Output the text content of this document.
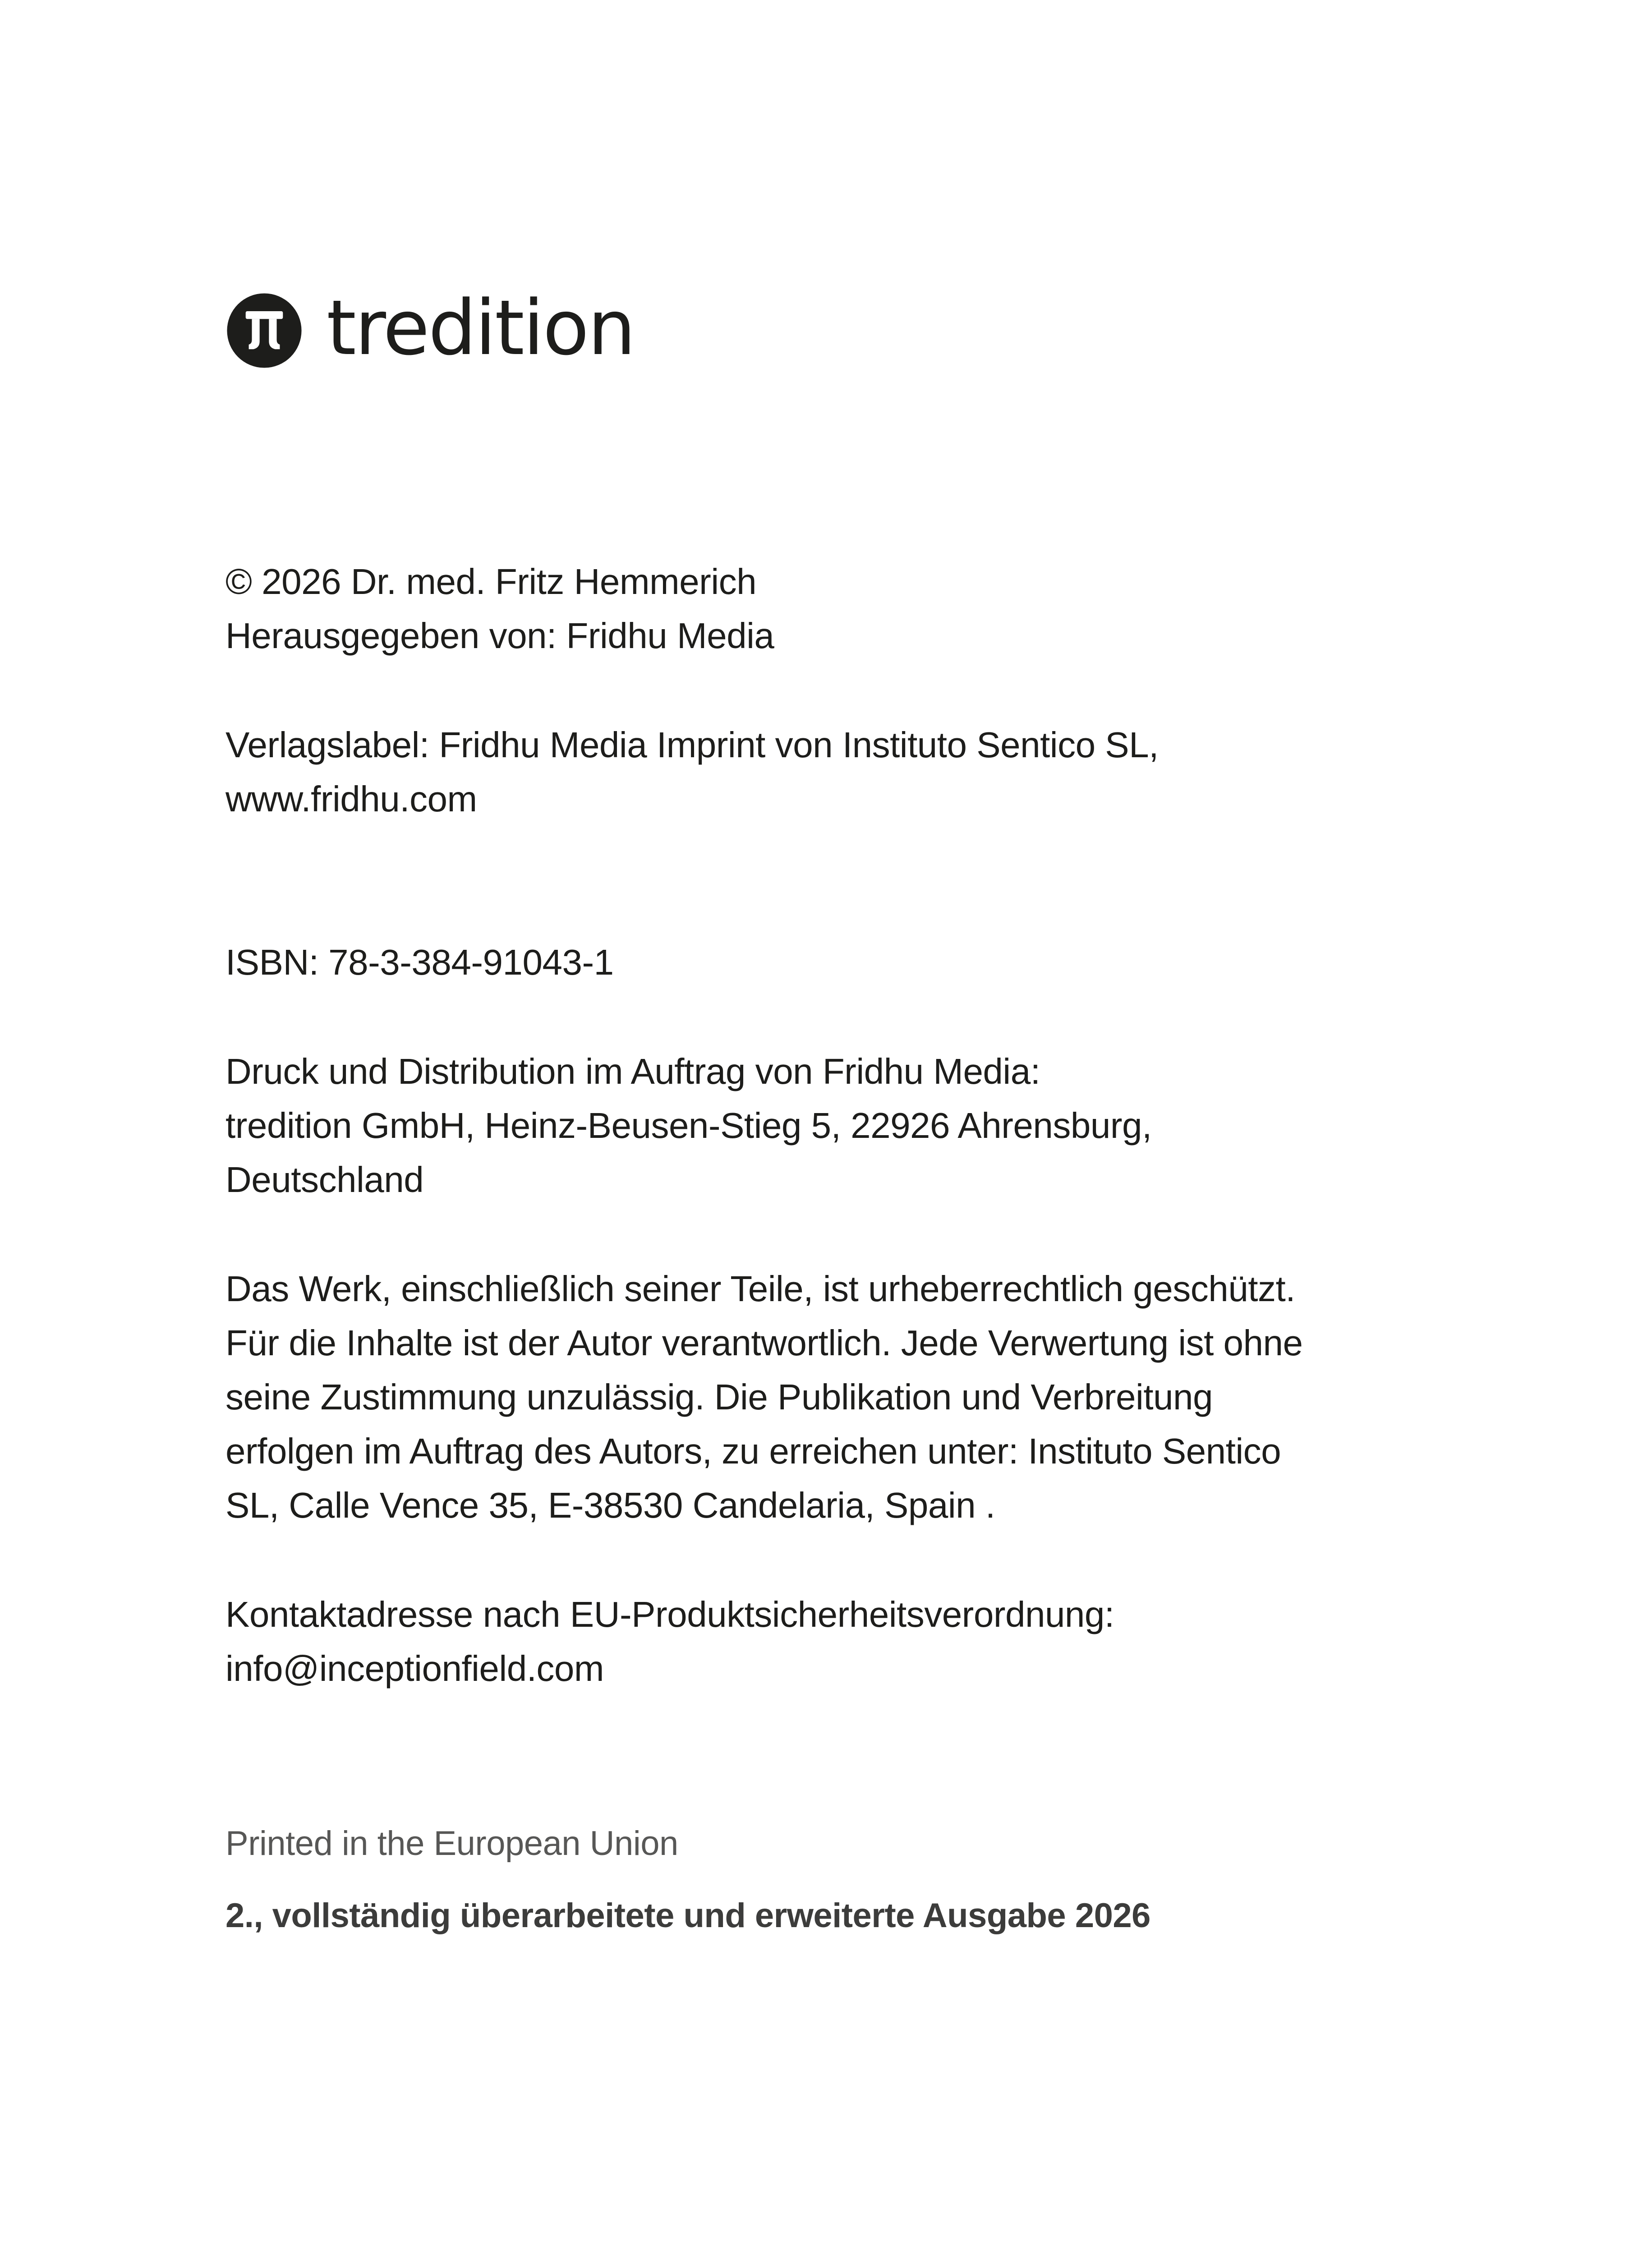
tredition

© 2026 Dr. med. Fritz Hemmerich

Herausgegeben von: Fridhu Media

Verlagslabel: Fridhu Media Imprint von Instituto Sentico SL,

www.fridhu.com

ISBN: 78-3-384-91043-1

Druck und Distribution im Auftrag von Fridhu Media:

tredition GmbH, Heinz-Beusen-Stieg 5, 22926 Ahrensburg,

Deutschland

Das Werk, einschließlich seiner Teile, ist urheberrechtlich geschützt.

Für die Inhalte ist der Autor verantwortlich. Jede Verwertung ist ohne

seine Zustimmung unzulässig. Die Publikation und Verbreitung

erfolgen im Auftrag des Autors, zu erreichen unter: Instituto Sentico

SL, Calle Vence 35, E-38530 Candelaria, Spain .

Kontaktadresse nach EU-Produktsicherheitsverordnung:

info@inceptionfield.com

Printed in the European Union

2., vollständig überarbeitete und erweiterte Ausgabe 2026
